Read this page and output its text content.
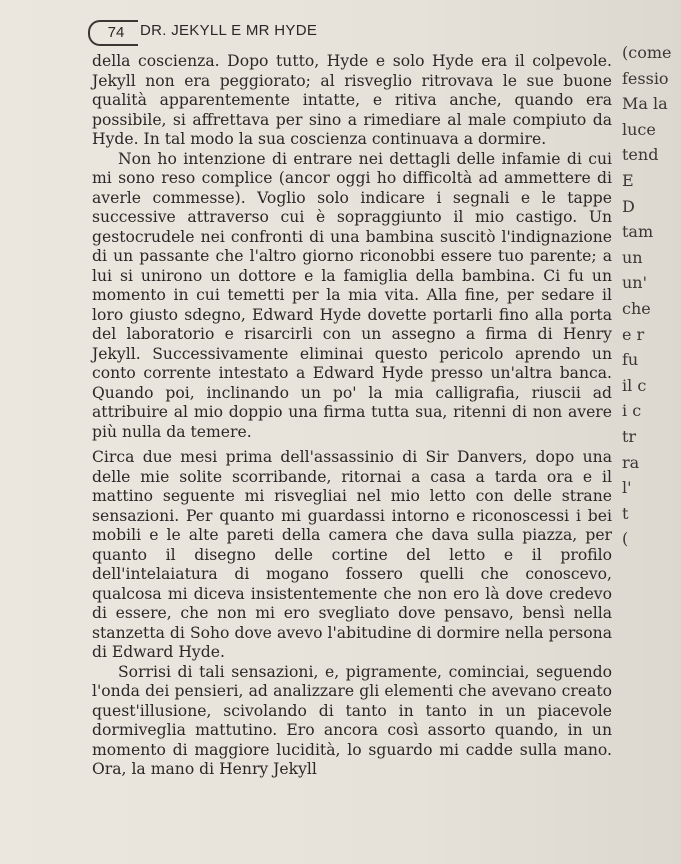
74	DR. JEKYLL E MR HYDE

della coscienza. Dopo tutto, Hyde e solo Hyde era il colpevole. Jekyll non era peggiorato; al risveglio ritrovava le sue buone qualità apparentemente intatte, e ritiva anche, quando era possibile, si affrettava per sino a rimediare al male compiuto da Hyde. In tal modo la sua coscienza continuava a dormire.

Non ho intenzione di entrare nei dettagli delle infamie di cui mi sono reso complice (ancor oggi ho difficoltà ad ammettere di averle commesse). Voglio solo indicare i segnali e le tappe successive attraverso cui è sopraggiunto il mio castigo. Un gestocrudele nei confronti di una bambina suscitò l'indignazione di un passante che l'altro giorno riconobbi essere tuo parente; a lui si unirono un dottore e la famiglia della bambina. Ci fu un momento in cui temetti per la mia vita. Alla fine, per sedare il loro giusto sdegno, Edward Hyde dovette portarli fino alla porta del laboratorio e risarcirli con un assegno a firma di Henry Jekyll. Successivamente eliminai questo pericolo aprendo un conto corrente intestato a Edward Hyde presso un'altra banca. Quando poi, inclinando un po' la mia calligrafia, riuscii ad attribuire al mio doppio una firma tutta sua, ritenni di non avere più nulla da temere.

Circa due mesi prima dell'assassinio di Sir Danvers, dopo una delle mie solite scorribande, ritornai a casa a tarda ora e il mattino seguente mi risvegliai nel mio letto con delle strane sensazioni. Per quanto mi guardassi intorno e riconoscessi i bei mobili e le alte pareti della camera che dava sulla piazza, per quanto il disegno delle cortine del letto e il profilo dell'intelaiatura di mogano fossero quelli che conoscevo, qualcosa mi diceva insistentemente che non ero là dove credevo di essere, che non mi ero svegliato dove pensavo, bensì nella stanzetta di Soho dove avevo l'abitudine di dormire nella persona di Edward Hyde.

Sorrisi di tali sensazioni, e, pigramente, cominciai, seguendo l'onda dei pensieri, ad analizzare gli elementi che avevano creato quest'illusione, scivolando di tanto in tanto in un piacevole dormiveglia mattutino. Ero ancora così assorto quando, in un momento di maggiore lucidità, lo sguardo mi cadde sulla mano. Ora, la mano di Henry Jekyll

(come
fessio
Ma la
luce
tend
E
D
tam
un
un'
che
e r
fu
il c
i c
tr
ra
l'
t
(
